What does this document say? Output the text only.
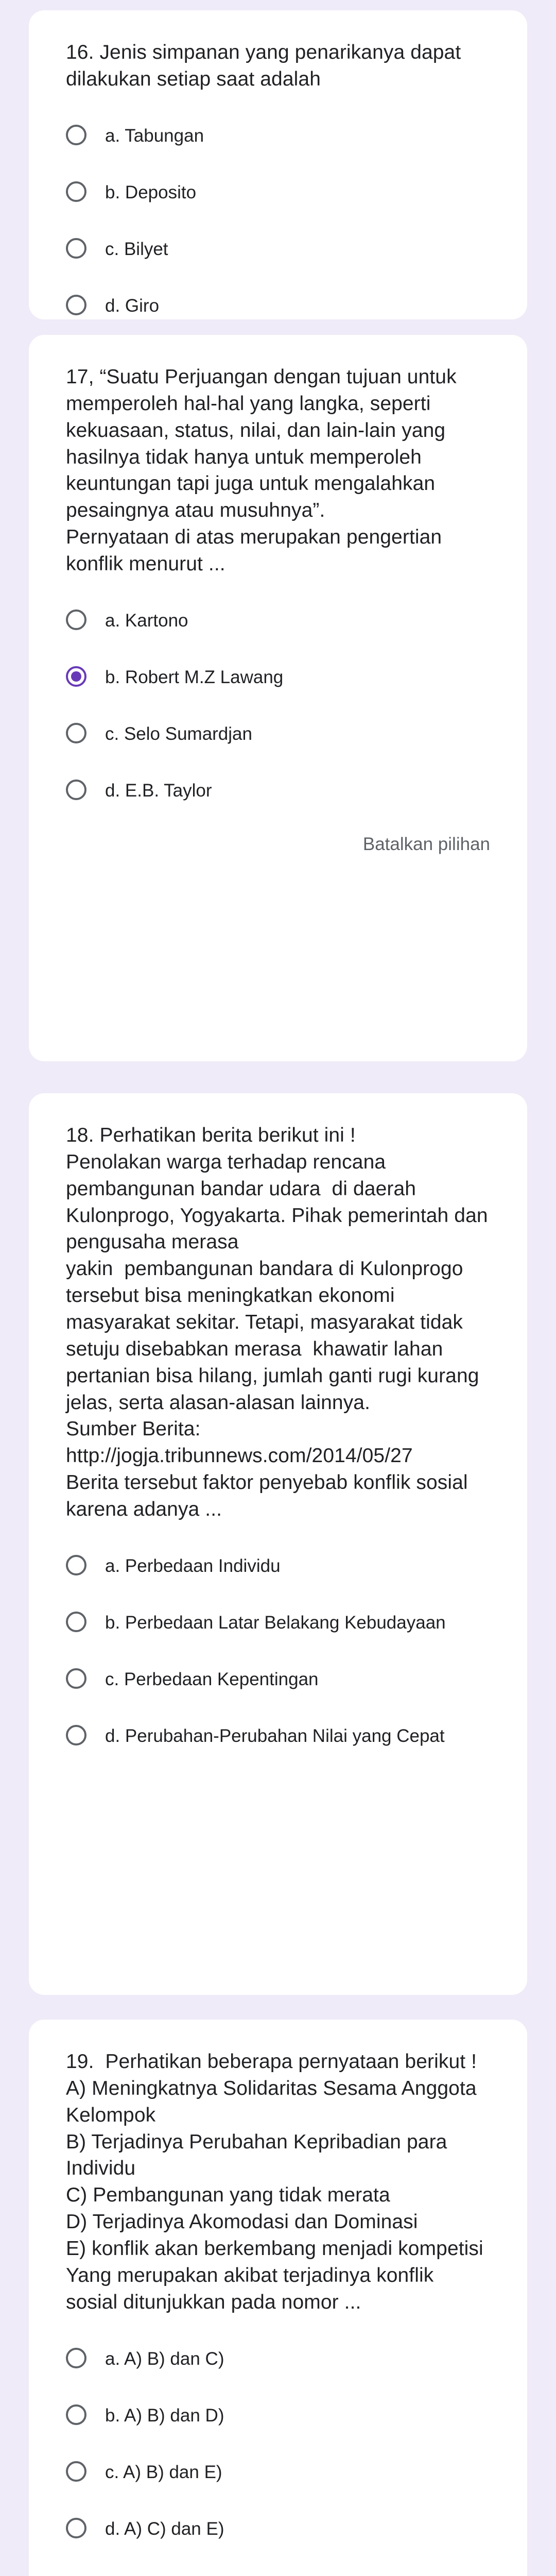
16. Jenis simpanan yang penarikanya dapat dilakukan setiap saat adalah
a. Tabungan
b. Deposito
c. Bilyet
d. Giro
17, “Suatu Perjuangan dengan tujuan untuk memperoleh hal-hal yang langka, seperti kekuasaan, status, nilai, dan lain-lain yang hasilnya tidak hanya untuk memperoleh keuntungan tapi juga untuk mengalahkan  pesaingnya atau musuhnya”.
Pernyataan di atas merupakan pengertian konflik menurut ...
a. Kartono
b. Robert M.Z Lawang
c. Selo Sumardjan
d. E.B. Taylor
Batalkan pilihan
18. Perhatikan berita berikut ini !
Penolakan warga terhadap rencana pembangunan bandar udara  di daerah Kulonprogo, Yogyakarta. Pihak pemerintah dan pengusaha merasa
yakin  pembangunan bandara di Kulonprogo tersebut bisa meningkatkan ekonomi masyarakat sekitar. Tetapi, masyarakat tidak setuju disebabkan merasa  khawatir lahan pertanian bisa hilang, jumlah ganti rugi kurang jelas, serta alasan-alasan lainnya.
Sumber Berita:
http://jogja.tribunnews.com/2014/05/27
Berita tersebut faktor penyebab konflik sosial karena adanya ...
a. Perbedaan Individu
b. Perbedaan Latar Belakang Kebudayaan
c. Perbedaan Kepentingan
d. Perubahan-Perubahan Nilai yang Cepat
19.  Perhatikan beberapa pernyataan berikut !
A) Meningkatnya Solidaritas Sesama Anggota Kelompok
B) Terjadinya Perubahan Kepribadian para Individu
C) Pembangunan yang tidak merata
D) Terjadinya Akomodasi dan Dominasi
E) konflik akan berkembang menjadi kompetisi
Yang merupakan akibat terjadinya konflik sosial ditunjukkan pada nomor ...
a. A) B) dan C)
b. A) B) dan D)
c. A) B) dan E)
d. A) C) dan E)
